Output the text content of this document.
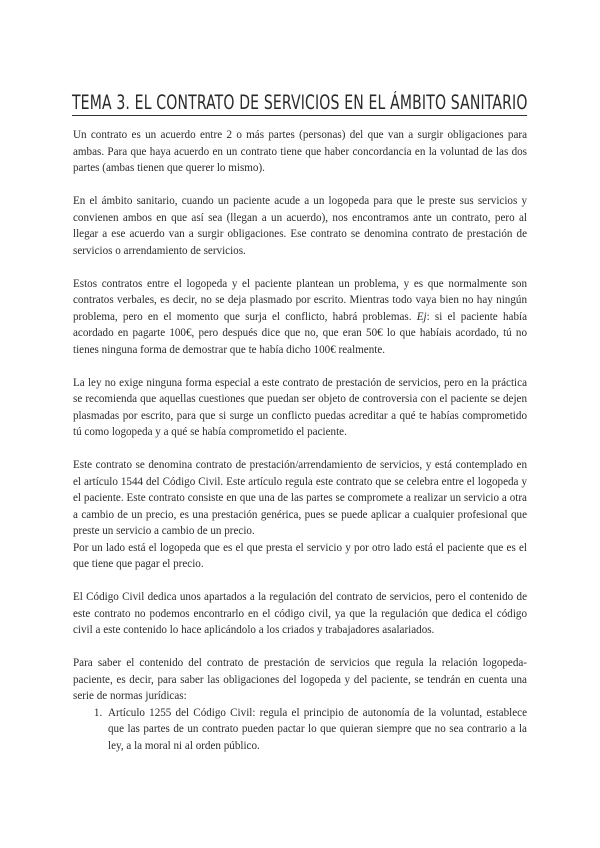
TEMA 3. EL CONTRATO DE SERVICIOS EN EL ÁMBITO SANITARIO

Un contrato es un acuerdo entre 2 o más partes (personas) del que van a surgir obligaciones para ambas. Para que haya acuerdo en un contrato tiene que haber concordancia en la voluntad de las dos partes (ambas tienen que querer lo mismo).

En el ámbito sanitario, cuando un paciente acude a un logopeda para que le preste sus servicios y convienen ambos en que así sea (llegan a un acuerdo), nos encontramos ante un contrato, pero al llegar a ese acuerdo van a surgir obligaciones. Ese contrato se denomina contrato de prestación de servicios o arrendamiento de servicios.

Estos contratos entre el logopeda y el paciente plantean un problema, y es que normalmente son contratos verbales, es decir, no se deja plasmado por escrito. Mientras todo vaya bien no hay ningún problema, pero en el momento que surja el conflicto, habrá problemas. Ej: si el paciente había acordado en pagarte 100€, pero después dice que no, que eran 50€ lo que habíais acordado, tú no tienes ninguna forma de demostrar que te había dicho 100€ realmente.

La ley no exige ninguna forma especial a este contrato de prestación de servicios, pero en la práctica se recomienda que aquellas cuestiones que puedan ser objeto de controversia con el paciente se dejen plasmadas por escrito, para que si surge un conflicto puedas acreditar a qué te habías comprometido tú como logopeda y a qué se había comprometido el paciente.

Este contrato se denomina contrato de prestación/arrendamiento de servicios, y está contemplado en el artículo 1544 del Código Civil. Este artículo regula este contrato que se celebra entre el logopeda y el paciente. Este contrato consiste en que una de las partes se compromete a realizar un servicio a otra a cambio de un precio, es una prestación genérica, pues se puede aplicar a cualquier profesional que preste un servicio a cambio de un precio.

Por un lado está el logopeda que es el que presta el servicio y por otro lado está el paciente que es el que tiene que pagar el precio.

El Código Civil dedica unos apartados a la regulación del contrato de servicios, pero el contenido de este contrato no podemos encontrarlo en el código civil, ya que la regulación que dedica el código civil a este contenido lo hace aplicándolo a los criados y trabajadores asalariados.

Para saber el contenido del contrato de prestación de servicios que regula la relación logopeda-paciente, es decir, para saber las obligaciones del logopeda y del paciente, se tendrán en cuenta una serie de normas jurídicas:

1. Artículo 1255 del Código Civil: regula el principio de autonomía de la voluntad, establece que las partes de un contrato pueden pactar lo que quieran siempre que no sea contrario a la ley, a la moral ni al orden público.
